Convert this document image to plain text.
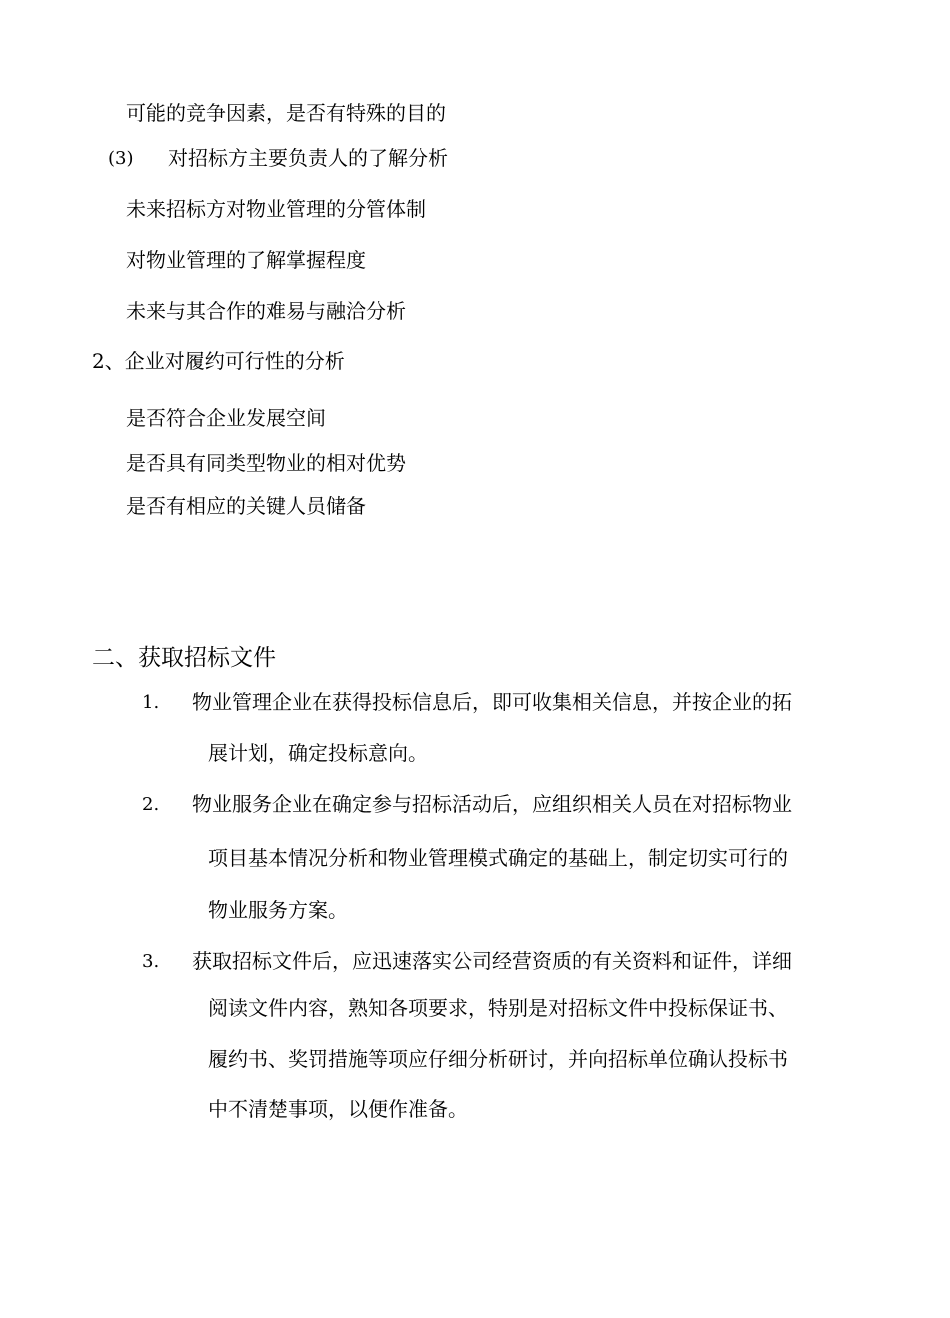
可能的竞争因素，是否有特殊的目的
(3) 对招标方主要负责人的了解分析
未来招标方对物业管理的分管体制
对物业管理的了解掌握程度
未来与其合作的难易与融洽分析
2、企业对履约可行性的分析
是否符合企业发展空间
是否具有同类型物业的相对优势
是否有相应的关键人员储备
二、获取招标文件
1. 物业管理企业在获得投标信息后，即可收集相关信息，并按企业的拓
展计划，确定投标意向。
2. 物业服务企业在确定参与招标活动后，应组织相关人员在对招标物业
项目基本情况分析和物业管理模式确定的基础上，制定切实可行的
物业服务方案。
3. 获取招标文件后，应迅速落实公司经营资质的有关资料和证件，详细
阅读文件内容，熟知各项要求，特别是对招标文件中投标保证书、
履约书、奖罚措施等项应仔细分析研讨，并向招标单位确认投标书
中不清楚事项，以便作准备。
